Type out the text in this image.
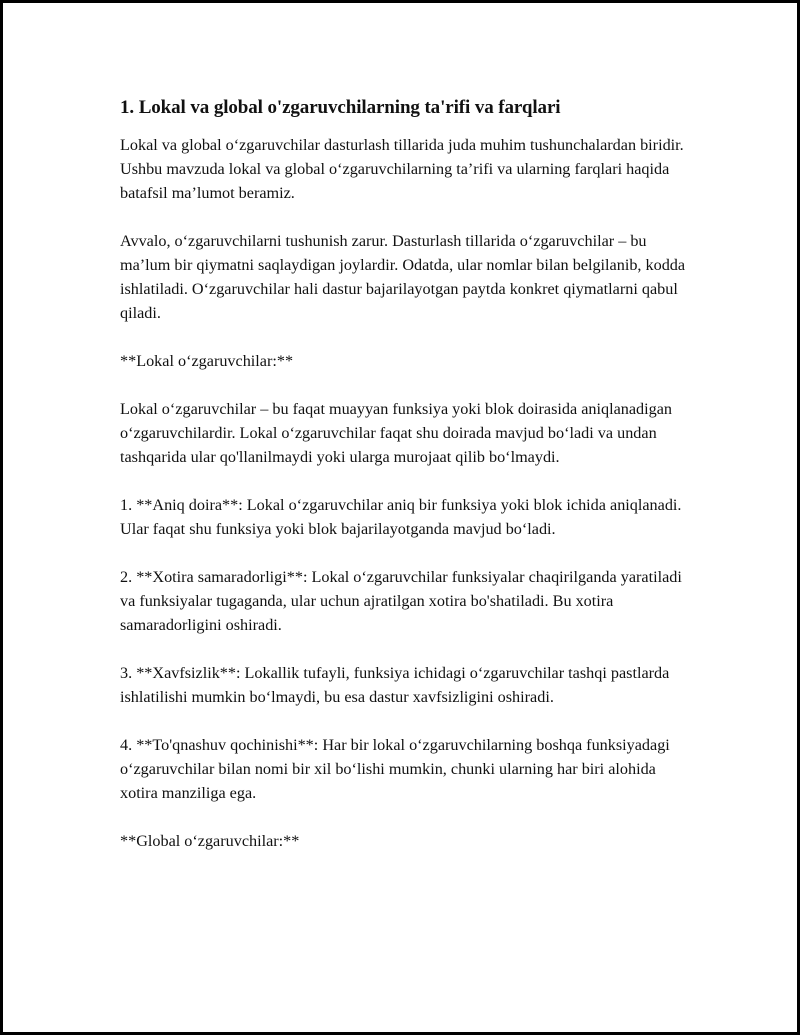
1. Lokal va global o'zgaruvchilarning ta'rifi va farqlari

Lokal va global o‘zgaruvchilar dasturlash tillarida juda muhim tushunchalardan biridir. Ushbu mavzuda lokal va global o‘zgaruvchilarning ta’rifi va ularning farqlari haqida batafsil ma’lumot beramiz.

Avvalo, o‘zgaruvchilarni tushunish zarur. Dasturlash tillarida o‘zgaruvchilar – bu ma’lum bir qiymatni saqlaydigan joylardir. Odatda, ular nomlar bilan belgilanib, kodda ishlatiladi. O‘zgaruvchilar hali dastur bajarilayotgan paytda konkret qiymatlarni qabul qiladi.

**Lokal o‘zgaruvchilar:**

Lokal o‘zgaruvchilar – bu faqat muayyan funksiya yoki blok doirasida aniqlanadigan o‘zgaruvchilardir. Lokal o‘zgaruvchilar faqat shu doirada mavjud bo‘ladi va undan tashqarida ular qo'llanilmaydi yoki ularga murojaat qilib bo‘lmaydi.

1. **Aniq doira**: Lokal o‘zgaruvchilar aniq bir funksiya yoki blok ichida aniqlanadi. Ular faqat shu funksiya yoki blok bajarilayotganda mavjud bo‘ladi.

2. **Xotira samaradorligi**: Lokal o‘zgaruvchilar funksiyalar chaqirilganda yaratiladi va funksiyalar tugaganda, ular uchun ajratilgan xotira bo'shatiladi. Bu xotira samaradorligini oshiradi.

3. **Xavfsizlik**: Lokallik tufayli, funksiya ichidagi o‘zgaruvchilar tashqi pastlarda ishlatilishi mumkin bo‘lmaydi, bu esa dastur xavfsizligini oshiradi.

4. **To'qnashuv qochinishi**: Har bir lokal o‘zgaruvchilarning boshqa funksiyadagi o‘zgaruvchilar bilan nomi bir xil bo‘lishi mumkin, chunki ularning har biri alohida xotira manziliga ega.

**Global o‘zgaruvchilar:**
